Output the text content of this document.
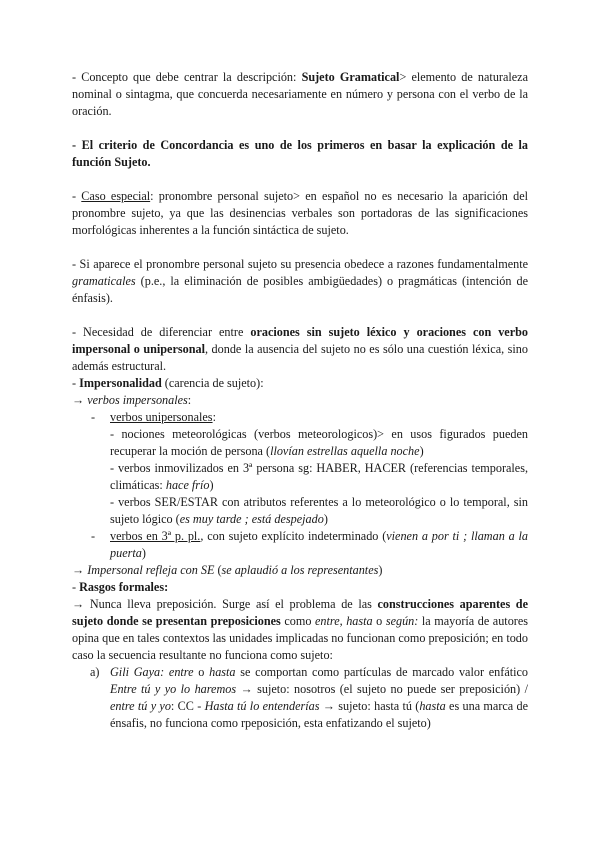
- Concepto que debe centrar la descripción: Sujeto Gramatical> elemento de naturaleza nominal o sintagma, que concuerda necesariamente en número y persona con el verbo de la oración.

- El criterio de Concordancia es uno de los primeros en basar la explicación de la función Sujeto.

- Caso especial: pronombre personal sujeto> en español no es necesario la aparición del pronombre sujeto, ya que las desinencias verbales son portadoras de las significaciones morfológicas inherentes a la función sintáctica de sujeto.

- Si aparece el pronombre personal sujeto su presencia obedece a razones fundamentalmente gramaticales (p.e., la eliminación de posibles ambigüedades) o pragmáticas (intención de énfasis).

- Necesidad de diferenciar entre oraciones sin sujeto léxico y oraciones con verbo impersonal o unipersonal, donde la ausencia del sujeto no es sólo una cuestión léxica, sino además estructural.

- Impersonalidad (carencia de sujeto):

→ verbos impersonales:

- verbos unipersonales:

- nociones meteorológicas (verbos meteorologicos)> en usos figurados pueden recuperar la moción de persona (llovían estrellas aquella noche)

- verbos inmovilizados en 3ª persona sg: HABER, HACER (referencias temporales, climáticas: hace frío)

- verbos SER/ESTAR con atributos referentes a lo meteorológico o lo temporal, sin sujeto lógico (es muy tarde ; está despejado)

- verbos en 3ª p. pl., con sujeto explícito indeterminado (vienen a por ti ; llaman a la puerta)

→ Impersonal refleja con SE (se aplaudió a los representantes)

- Rasgos formales:

→ Nunca lleva preposición. Surge así el problema de las construcciones aparentes de sujeto donde se presentan preposiciones como entre, hasta o según: la mayoría de autores opina que en tales contextos las unidades implicadas no funcionan como preposición; en todo caso la secuencia resultante no funciona como sujeto:

a) Gili Gaya: entre o hasta se comportan como partículas de marcado valor enfático Entre tú y yo lo haremos → sujeto: nosotros (el sujeto no puede ser preposición) / entre tú y yo: CC - Hasta tú lo entenderías → sujeto: hasta tú (hasta es una marca de énsafis, no funciona como rpeposición, esta enfatizando el sujeto)
